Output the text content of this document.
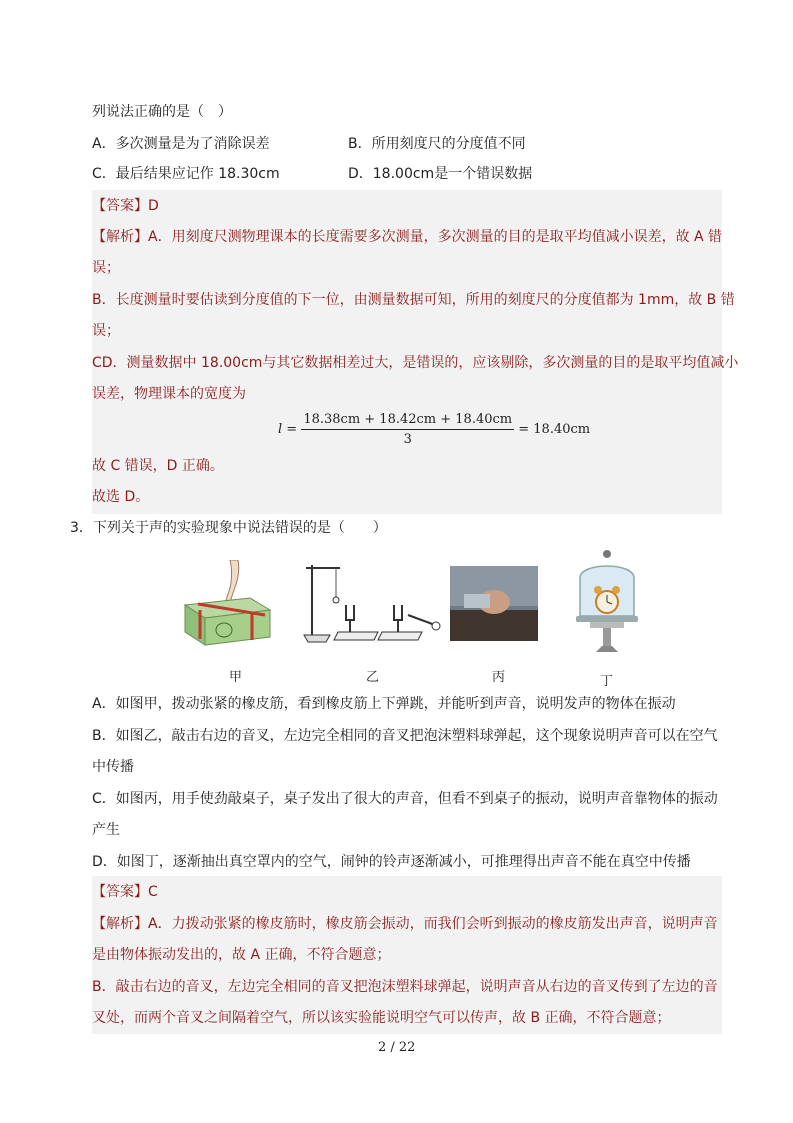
列说法正确的是（　）
A．多次测量是为了消除误差	B．所用刻度尺的分度值不同
C．最后结果应记作 18.30cm	D．18.00cm是一个错误数据
【答案】D
【解析】A．用刻度尺测物理课本的长度需要多次测量，多次测量的目的是取平均值减小误差，故 A 错
误；
B．长度测量时要估读到分度值的下一位，由测量数据可知，所用的刻度尺的分度值都为 1mm，故 B 错
误；
CD．测量数据中 18.00cm与其它数据相差过大，是错误的，应该剔除，多次测量的目的是取平均值减小
误差，物理课本的宽度为
$l = \frac{18.38cm + 18.42cm + 18.40cm}{3} = 18.40cm$
故 C 错误，D 正确。
故选 D。
3．下列关于声的实验现象中说法错误的是（　　）
甲	乙	丙	丁
A．如图甲，拨动张紧的橡皮筋，看到橡皮筋上下弹跳，并能听到声音，说明发声的物体在振动
B．如图乙，敲击右边的音叉，左边完全相同的音叉把泡沫塑料球弹起，这个现象说明声音可以在空气
中传播
C．如图丙，用手使劲敲桌子，桌子发出了很大的声音，但看不到桌子的振动，说明声音靠物体的振动
产生
D．如图丁，逐渐抽出真空罩内的空气，闹钟的铃声逐渐减小，可推理得出声音不能在真空中传播
【答案】C
【解析】A．力拨动张紧的橡皮筋时，橡皮筋会振动，而我们会听到振动的橡皮筋发出声音，说明声音
是由物体振动发出的，故 A 正确，不符合题意；
B．敲击右边的音叉，左边完全相同的音叉把泡沫塑料球弹起，说明声音从右边的音叉传到了左边的音
叉处，而两个音叉之间隔着空气，所以该实验能说明空气可以传声，故 B 正确，不符合题意；
2 / 22
